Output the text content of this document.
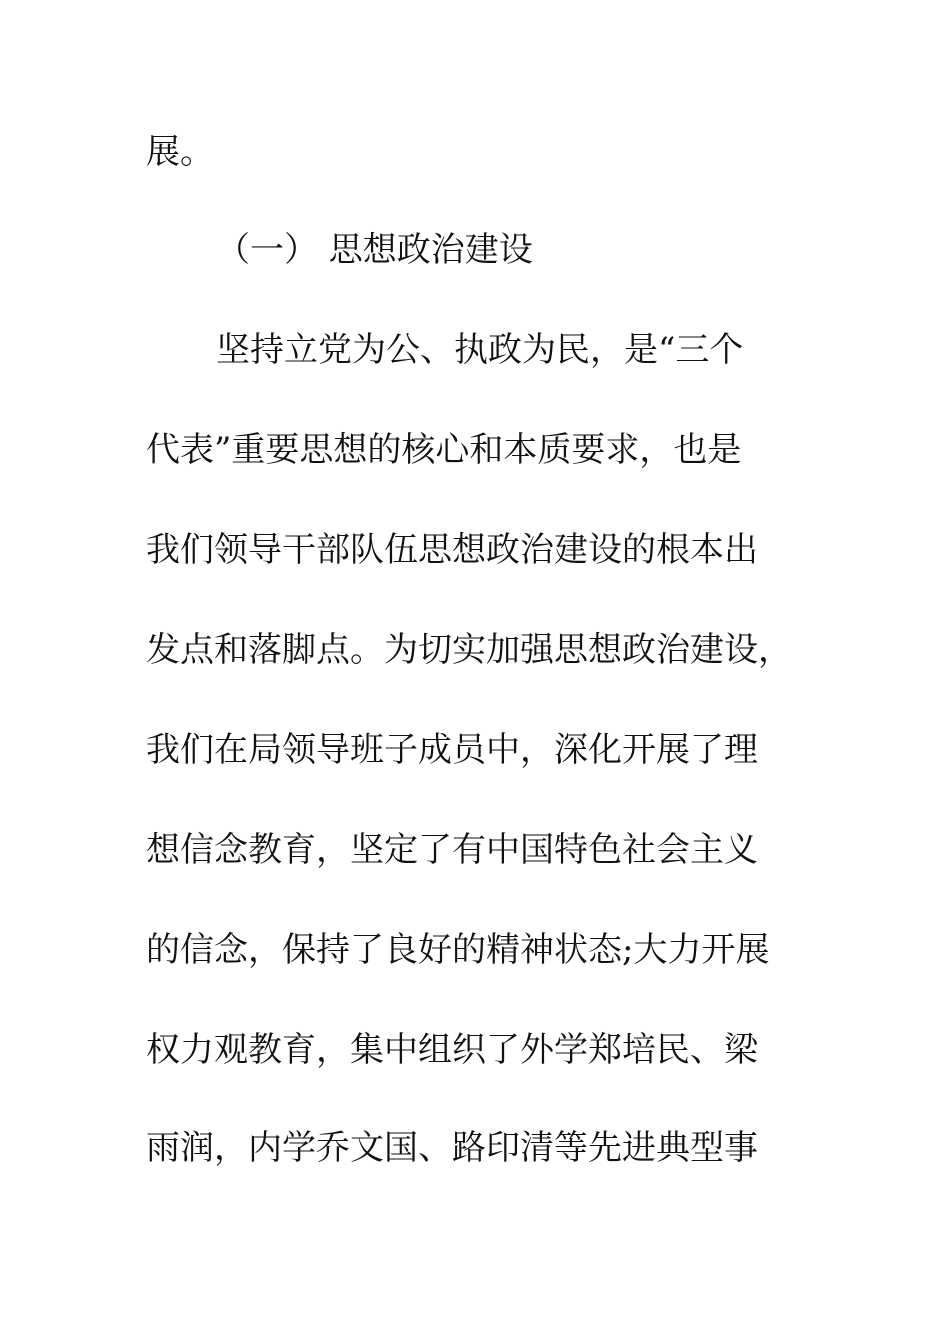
展。

（一） 思想政治建设

坚持立党为公、执政为民，是“三个

代表”重要思想的核心和本质要求，也是

我们领导干部队伍思想政治建设的根本出

发点和落脚点。为切实加强思想政治建设，

我们在局领导班子成员中，深化开展了理

想信念教育，坚定了有中国特色社会主义

的信念，保持了良好的精神状态;大力开展

权力观教育，集中组织了外学郑培民、梁

雨润，内学乔文国、路印清等先进典型事
